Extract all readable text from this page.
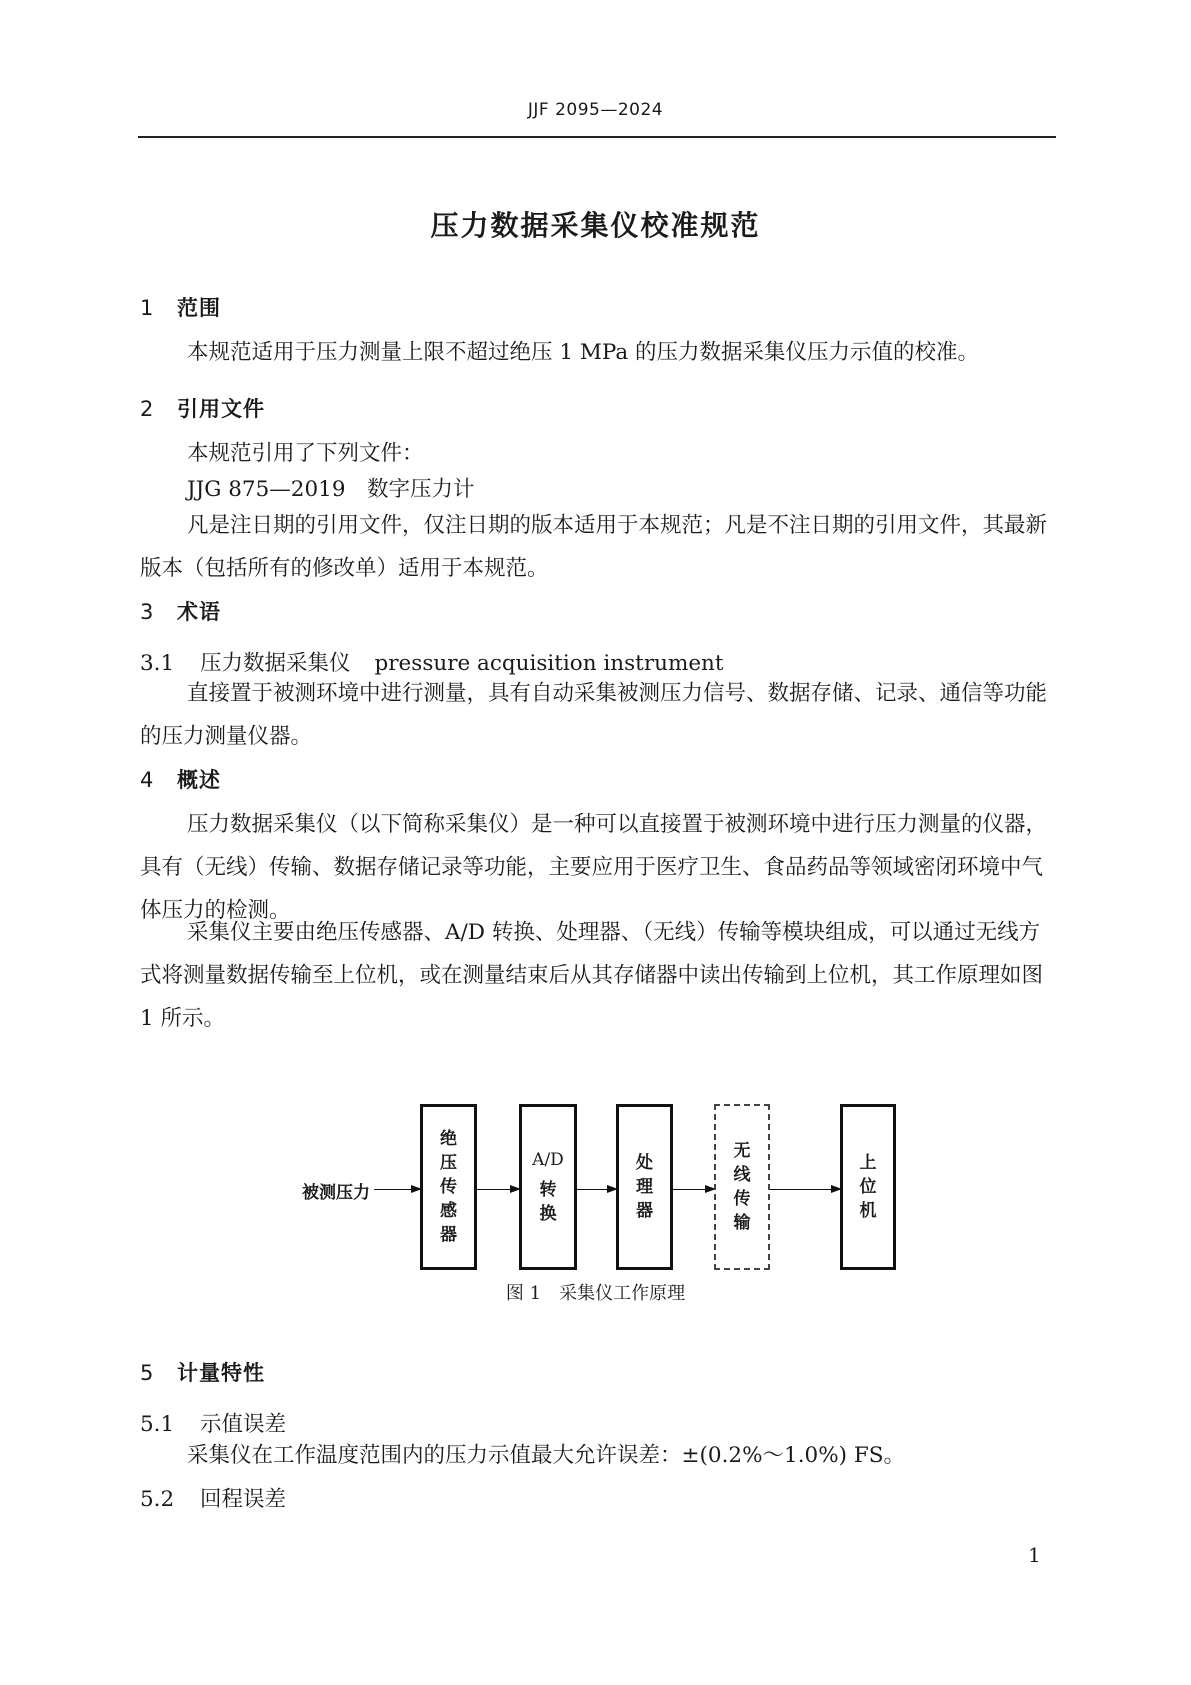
JJF 2095—2024
压力数据采集仪校准规范
1 范围
本规范适用于压力测量上限不超过绝压 1 MPa 的压力数据采集仪压力示值的校准。
2 引用文件
本规范引用了下列文件：
JJG 875—2019　数字压力计
凡是注日期的引用文件，仅注日期的版本适用于本规范；凡是不注日期的引用文件，其最新版本（包括所有的修改单）适用于本规范。
3 术语
3.1 压力数据采集仪 pressure acquisition instrument
直接置于被测环境中进行测量，具有自动采集被测压力信号、数据存储、记录、通信等功能的压力测量仪器。
4 概述
压力数据采集仪（以下简称采集仪）是一种可以直接置于被测环境中进行压力测量的仪器，具有（无线）传输、数据存储记录等功能，主要应用于医疗卫生、食品药品等领域密闭环境中气体压力的检测。
采集仪主要由绝压传感器、A/D 转换、处理器、（无线）传输等模块组成，可以通过无线方式将测量数据传输至上位机，或在测量结束后从其存储器中读出传输到上位机，其工作原理如图 1 所示。
被测压力
绝压传感器
A/D
转换
处理器
无线传输
上位机
图 1　采集仪工作原理
5 计量特性
5.1 示值误差
采集仪在工作温度范围内的压力示值最大允许误差：±(0.2%～1.0%) FS。
5.2 回程误差
1
